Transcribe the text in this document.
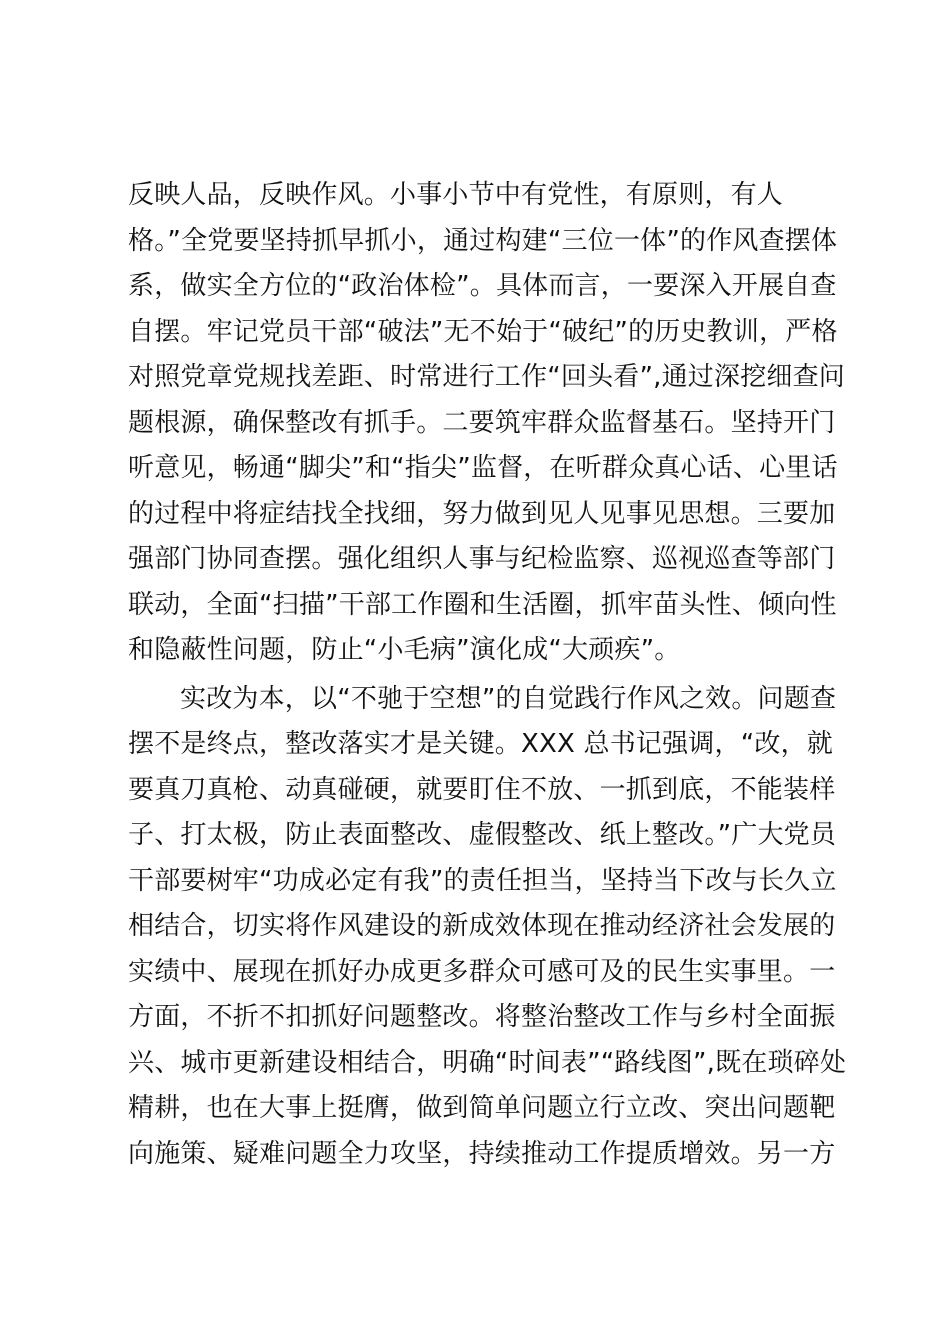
反映人品，反映作风。小事小节中有党性，有原则，有人
格。”全党要坚持抓早抓小，通过构建“三位一体”的作风查摆体
系，做实全方位的“政治体检”。具体而言，一要深入开展自查
自摆。牢记党员干部“破法”无不始于“破纪”的历史教训，严格
对照党章党规找差距、时常进行工作“回头看”,通过深挖细查问
题根源，确保整改有抓手。二要筑牢群众监督基石。坚持开门
听意见，畅通“脚尖”和“指尖”监督，在听群众真心话、心里话
的过程中将症结找全找细，努力做到见人见事见思想。三要加
强部门协同查摆。强化组织人事与纪检监察、巡视巡查等部门
联动，全面“扫描”干部工作圈和生活圈，抓牢苗头性、倾向性
和隐蔽性问题，防止“小毛病”演化成“大顽疾”。
实改为本，以“不驰于空想”的自觉践行作风之效。问题查
摆不是终点，整改落实才是关键。XXX 总书记强调，“改，就
要真刀真枪、动真碰硬，就要盯住不放、一抓到底，不能装样
子、打太极，防止表面整改、虚假整改、纸上整改。”广大党员
干部要树牢“功成必定有我”的责任担当，坚持当下改与长久立
相结合，切实将作风建设的新成效体现在推动经济社会发展的
实绩中、展现在抓好办成更多群众可感可及的民生实事里。一
方面，不折不扣抓好问题整改。将整治整改工作与乡村全面振
兴、城市更新建设相结合，明确“时间表”“路线图”,既在琐碎处
精耕，也在大事上挺膺，做到简单问题立行立改、突出问题靶
向施策、疑难问题全力攻坚，持续推动工作提质增效。另一方
